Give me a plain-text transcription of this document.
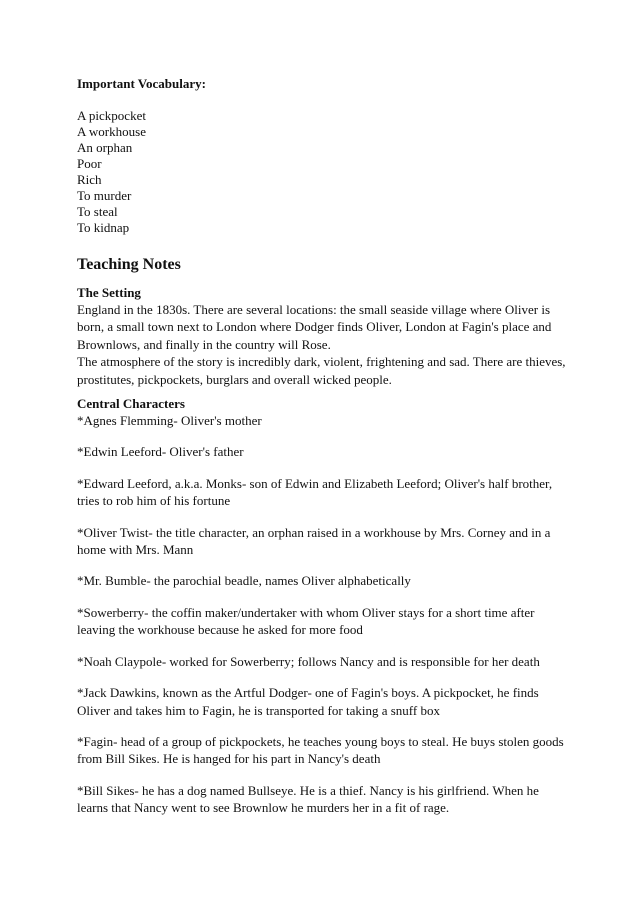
Important Vocabulary:

A pickpocket
A workhouse
An orphan
Poor
Rich
To murder
To steal
To kidnap
Teaching Notes

The Setting

England in the 1830s. There are several locations: the small seaside village where Oliver is born, a small town next to London where Dodger finds Oliver, London at Fagin's place and Brownlows, and finally in the country will Rose.

The atmosphere of the story is incredibly dark, violent, frightening and sad. There are thieves, prostitutes, pickpockets, burglars and overall wicked people.

Central Characters

*Agnes Flemming- Oliver's mother

*Edwin Leeford- Oliver's father

*Edward Leeford, a.k.a. Monks- son of Edwin and Elizabeth Leeford; Oliver's half brother, tries to rob him of his fortune

*Oliver Twist- the title character, an orphan raised in a workhouse by Mrs. Corney and in a home with Mrs. Mann

*Mr. Bumble- the parochial beadle, names Oliver alphabetically

*Sowerberry- the coffin maker/undertaker with whom Oliver stays for a short time after leaving the workhouse because he asked for more food

*Noah Claypole- worked for Sowerberry; follows Nancy and is responsible for her death

*Jack Dawkins, known as the Artful Dodger- one of Fagin's boys. A pickpocket, he finds Oliver and takes him to Fagin, he is transported for taking a snuff box

*Fagin- head of a group of pickpockets, he teaches young boys to steal. He buys stolen goods from Bill Sikes. He is hanged for his part in Nancy's death

*Bill Sikes- he has a dog named Bullseye. He is a thief. Nancy is his girlfriend. When he learns that Nancy went to see Brownlow he murders her in a fit of rage.
